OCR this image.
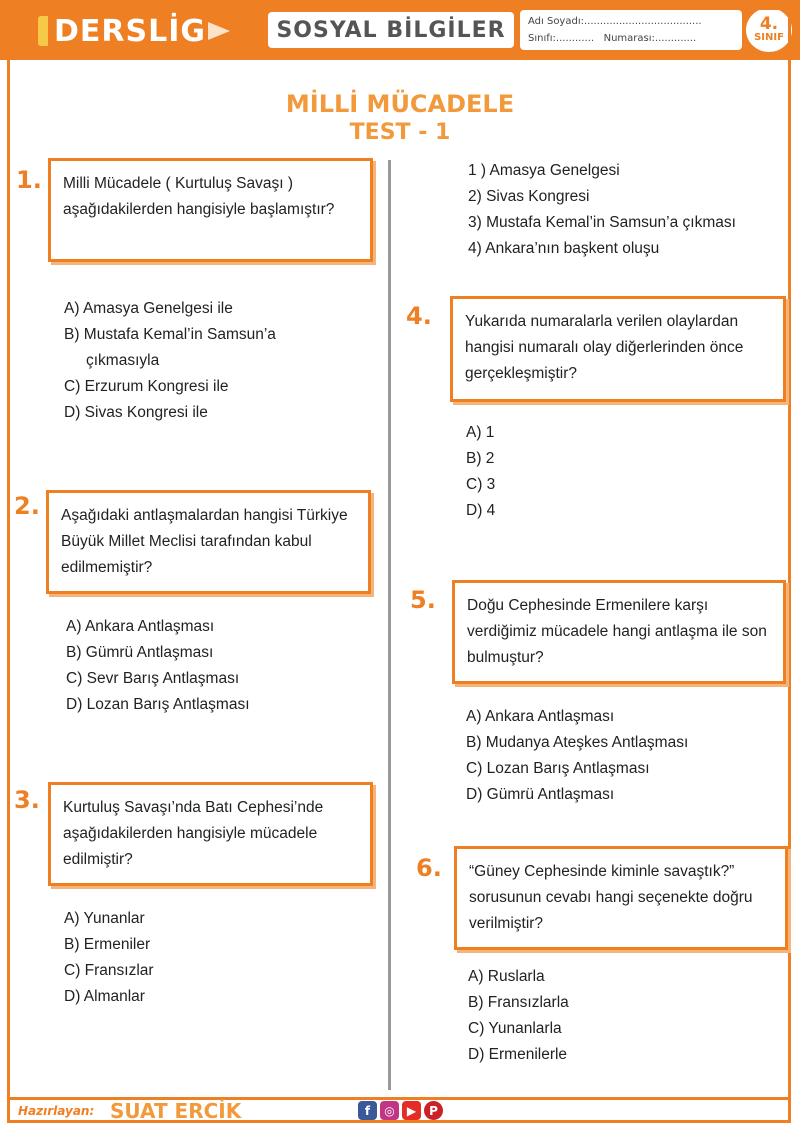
DERSLİG	SOSYAL BİLGİLER Adı Soyadı:.....................................
Sınıfı:............ Numarası:.............
4.
SINIF
MİLLİ MÜCADELE
TEST - 1
1.	Milli Mücadele ( Kurtuluş Savaşı ) aşağıdakilerden hangisiyle başlamıştır?
A) Amasya Genelgesi ile
B) Mustafa Kemal’in Samsun’a
çıkmasıyla
C) Erzurum Kongresi ile
D) Sivas Kongresi ile
2.	Aşağıdaki antlaşmalardan hangisi Türkiye Büyük Millet Meclisi tarafından kabul edilmemiştir?
A) Ankara Antlaşması
B) Gümrü Antlaşması
C) Sevr Barış Antlaşması
D) Lozan Barış Antlaşması
3.	Kurtuluş Savaşı’nda Batı Cephesi’nde aşağıdakilerden hangisiyle mücadele edilmiştir?
A) Yunanlar
B) Ermeniler
C) Fransızlar
D) Almanlar
1 ) Amasya Genelgesi
2) Sivas Kongresi
3) Mustafa Kemal’in Samsun’a çıkması
4) Ankara’nın başkent oluşu
4.	Yukarıda numaralarla verilen olaylardan hangisi numaralı olay diğerlerinden önce gerçekleşmiştir?
A) 1
B) 2
C) 3
D) 4
5.	Doğu Cephesinde Ermenilere karşı verdiğimiz mücadele hangi antlaşma ile son bulmuştur?
A) Ankara Antlaşması
B) Mudanya Ateşkes Antlaşması
C) Lozan Barış Antlaşması
D) Gümrü Antlaşması
6.	“Güney Cephesinde kiminle savaştık?” sorusunun cevabı hangi seçenekte doğru verilmiştir?
A) Ruslarla
B) Fransızlarla
C) Yunanlarla
D) Ermenilerle
Hazırlayan: SUAT ERCİK	f	◎	▶	P
